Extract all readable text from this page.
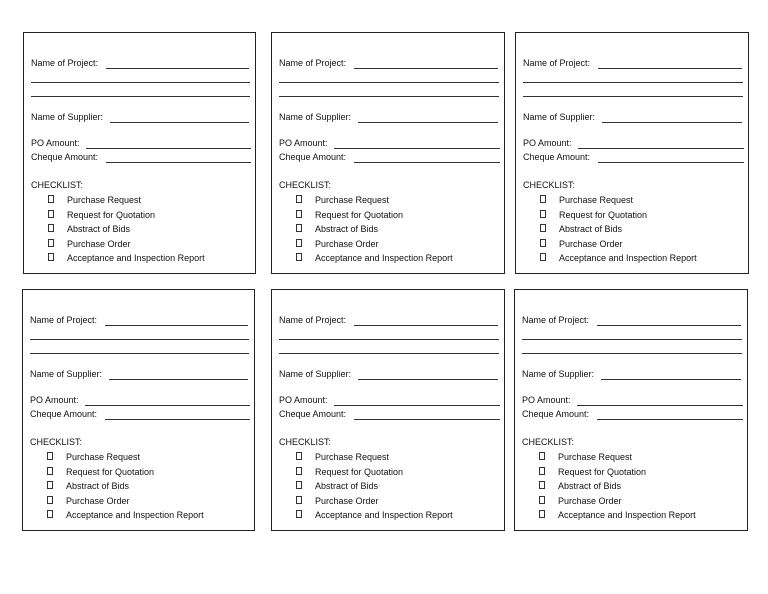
Name of Project:
Name of Supplier:
PO Amount:
Cheque Amount:
CHECKLIST:
Purchase Request
Request for Quotation
Abstract of Bids
Purchase Order
Acceptance and Inspection Report
Name of Project:
Name of Supplier:
PO Amount:
Cheque Amount:
CHECKLIST:
Purchase Request
Request for Quotation
Abstract of Bids
Purchase Order
Acceptance and Inspection Report
Name of Project:
Name of Supplier:
PO Amount:
Cheque Amount:
CHECKLIST:
Purchase Request
Request for Quotation
Abstract of Bids
Purchase Order
Acceptance and Inspection Report
Name of Project:
Name of Supplier:
PO Amount:
Cheque Amount:
CHECKLIST:
Purchase Request
Request for Quotation
Abstract of Bids
Purchase Order
Acceptance and Inspection Report
Name of Project:
Name of Supplier:
PO Amount:
Cheque Amount:
CHECKLIST:
Purchase Request
Request for Quotation
Abstract of Bids
Purchase Order
Acceptance and Inspection Report
Name of Project:
Name of Supplier:
PO Amount:
Cheque Amount:
CHECKLIST:
Purchase Request
Request for Quotation
Abstract of Bids
Purchase Order
Acceptance and Inspection Report
